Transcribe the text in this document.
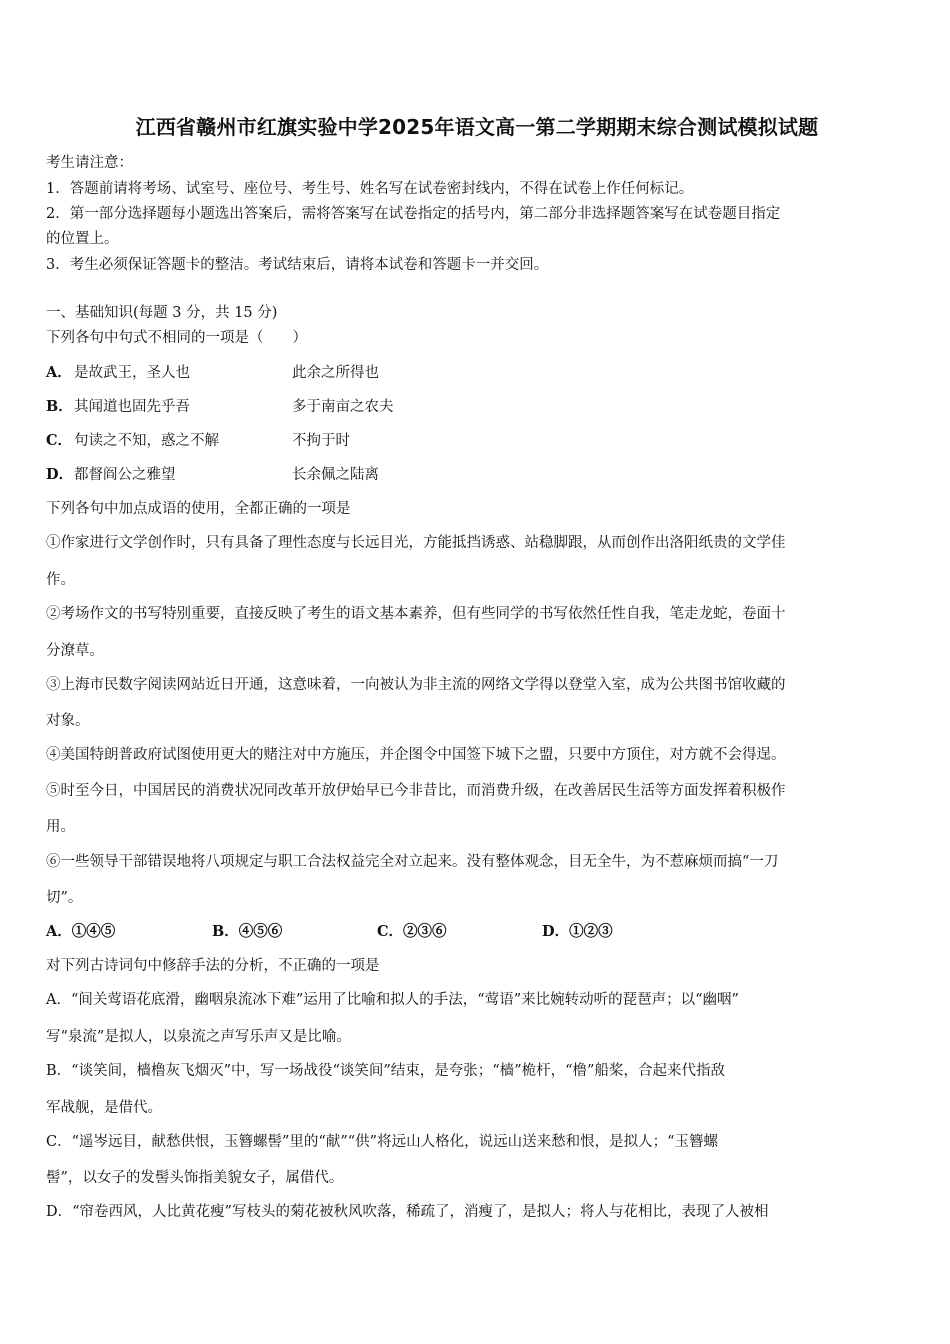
江西省赣州市红旗实验中学2025年语文高一第二学期期末综合测试模拟试题
考生请注意：
1．答题前请将考场、试室号、座位号、考生号、姓名写在试卷密封线内，不得在试卷上作任何标记。
2．第一部分选择题每小题选出答案后，需将答案写在试卷指定的括号内，第二部分非选择题答案写在试卷题目指定
的位置上。
3．考生必须保证答题卡的整洁。考试结束后，请将本试卷和答题卡一并交回。
一、基础知识(每题 3 分，共 15 分)
下列各句中句式不相同的一项是（　　）
A． 是故武王，圣人也	此余之所得也
B． 其闻道也固先乎吾	多于南亩之农夫
C． 句读之不知，惑之不解	不拘于时
D． 都督阎公之雅望	长余佩之陆离
下列各句中加点成语的使用，全都正确的一项是
①作家进行文学创作时，只有具备了理性态度与长远目光，方能抵挡诱惑、站稳脚跟，从而创作出洛阳纸贵的文学佳
作。
②考场作文的书写特别重要，直接反映了考生的语文基本素养，但有些同学的书写依然任性自我，笔走龙蛇，卷面十
分潦草。
③上海市民数字阅读网站近日开通，这意味着，一向被认为非主流的网络文学得以登堂入室，成为公共图书馆收藏的
对象。
④美国特朗普政府试图使用更大的赌注对中方施压，并企图令中国签下城下之盟，只要中方顶住，对方就不会得逞。
⑤时至今日，中国居民的消费状况同改革开放伊始早已今非昔比，而消费升级，在改善居民生活等方面发挥着积极作
用。
⑥一些领导干部错误地将八项规定与职工合法权益完全对立起来。没有整体观念，目无全牛，为不惹麻烦而搞“一刀
切”。
A．①④⑤	B．④⑤⑥	C．②③⑥	D．①②③
对下列古诗词句中修辞手法的分析，不正确的一项是
A．“间关莺语花底滑，幽咽泉流冰下难”运用了比喻和拟人的手法，“莺语”来比婉转动听的琵琶声；以“幽咽”
写“泉流”是拟人，以泉流之声写乐声又是比喻。
B．“谈笑间，樯橹灰飞烟灭”中，写一场战役“谈笑间”结束，是夸张；“樯”桅杆，“橹”船桨，合起来代指敌
军战舰，是借代。
C．“遥岑远目，献愁供恨，玉簪螺髻”里的“献”“供”将远山人格化，说远山送来愁和恨，是拟人；“玉簪螺
髻”，以女子的发髻头饰指美貌女子，属借代。
D．“帘卷西风，人比黄花瘦”写枝头的菊花被秋风吹落，稀疏了，消瘦了，是拟人；将人与花相比，表现了人被相
